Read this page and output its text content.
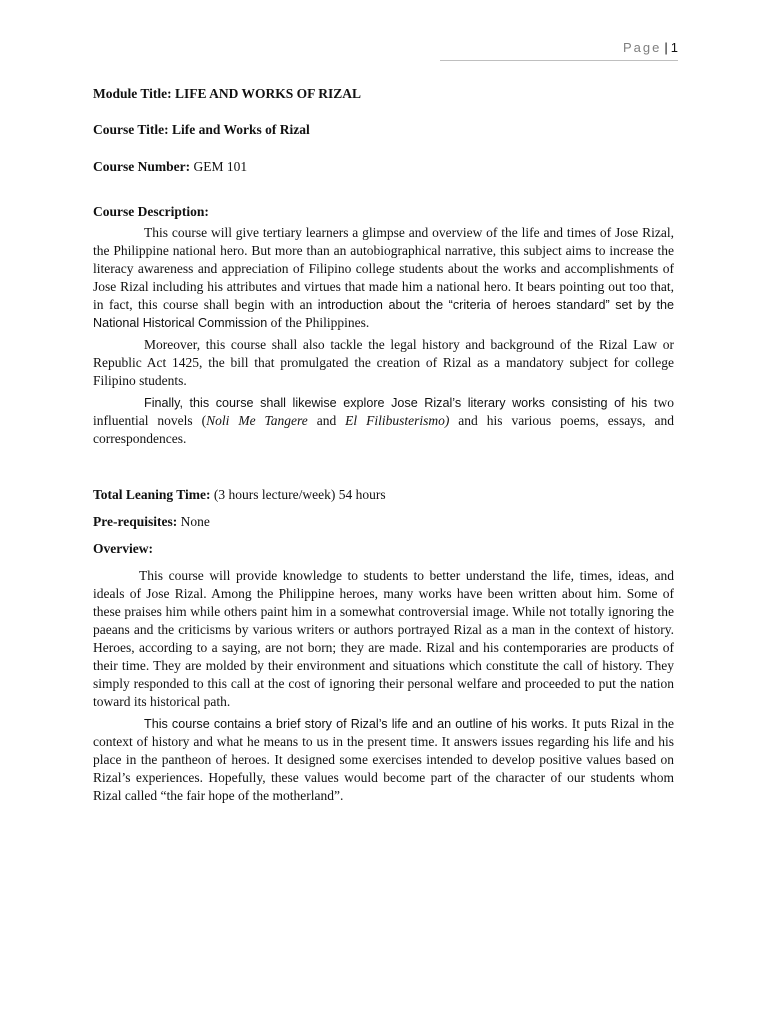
Page | 1
Module Title: LIFE AND WORKS OF RIZAL
Course Title: Life and Works of Rizal
Course Number: GEM 101
Course Description:

This course will give tertiary learners a glimpse and overview of the life and times of Jose Rizal, the Philippine national hero. But more than an autobiographical narrative, this subject aims to increase the literacy awareness and appreciation of Filipino college students about the works and accomplishments of Jose Rizal including his attributes and virtues that made him a national hero. It bears pointing out too that, in fact, this course shall begin with an introduction about the “criteria of heroes standard” set by the National Historical Commission of the Philippines.

Moreover, this course shall also tackle the legal history and background of the Rizal Law or Republic Act 1425, the bill that promulgated the creation of Rizal as a mandatory subject for college Filipino students.

Finally, this course shall likewise explore Jose Rizal’s literary works consisting of his two influential novels (Noli Me Tangere and El Filibusterismo) and his various poems, essays, and correspondences.

Total Leaning Time: (3 hours lecture/week) 54 hours
Pre-requisites: None
Overview:

This course will provide knowledge to students to better understand the life, times, ideas, and ideals of Jose Rizal. Among the Philippine heroes, many works have been written about him. Some of these praises him while others paint him in a somewhat controversial image. While not totally ignoring the paeans and the criticisms by various writers or authors portrayed Rizal as a man in the context of history. Heroes, according to a saying, are not born; they are made. Rizal and his contemporaries are products of their time. They are molded by their environment and situations which constitute the call of history. They simply responded to this call at the cost of ignoring their personal welfare and proceeded to put the nation toward its historical path.

This course contains a brief story of Rizal’s life and an outline of his works. It puts Rizal in the context of history and what he means to us in the present time. It answers issues regarding his life and his place in the pantheon of heroes. It designed some exercises intended to develop positive values based on Rizal’s experiences. Hopefully, these values would become part of the character of our students whom Rizal called “the fair hope of the motherland”.
